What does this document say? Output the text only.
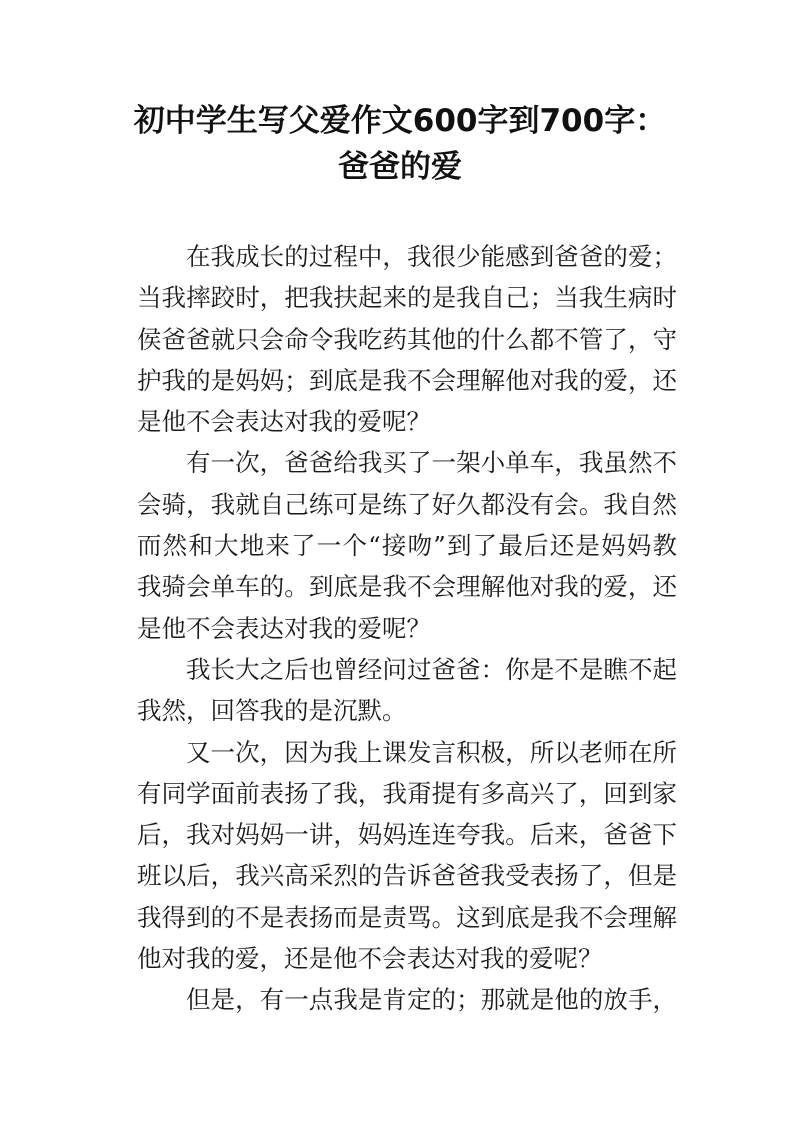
初中学生写父爱作文600字到700字：
爸爸的爱

在我成长的过程中，我很少能感到爸爸的爱；
当我摔跤时，把我扶起来的是我自己；当我生病时
侯爸爸就只会命令我吃药其他的什么都不管了，守
护我的是妈妈；到底是我不会理解他对我的爱，还
是他不会表达对我的爱呢？

有一次，爸爸给我买了一架小单车，我虽然不
会骑，我就自己练可是练了好久都没有会。我自然
而然和大地来了一个“接吻”到了最后还是妈妈教
我骑会单车的。到底是我不会理解他对我的爱，还
是他不会表达对我的爱呢？

我长大之后也曾经问过爸爸：你是不是瞧不起
我然，回答我的是沉默。

又一次，因为我上课发言积极，所以老师在所
有同学面前表扬了我，我甭提有多高兴了，回到家
后，我对妈妈一讲，妈妈连连夸我。后来，爸爸下
班以后，我兴高采烈的告诉爸爸我受表扬了，但是
我得到的不是表扬而是责骂。这到底是我不会理解
他对我的爱，还是他不会表达对我的爱呢？

但是，有一点我是肯定的；那就是他的放手，
